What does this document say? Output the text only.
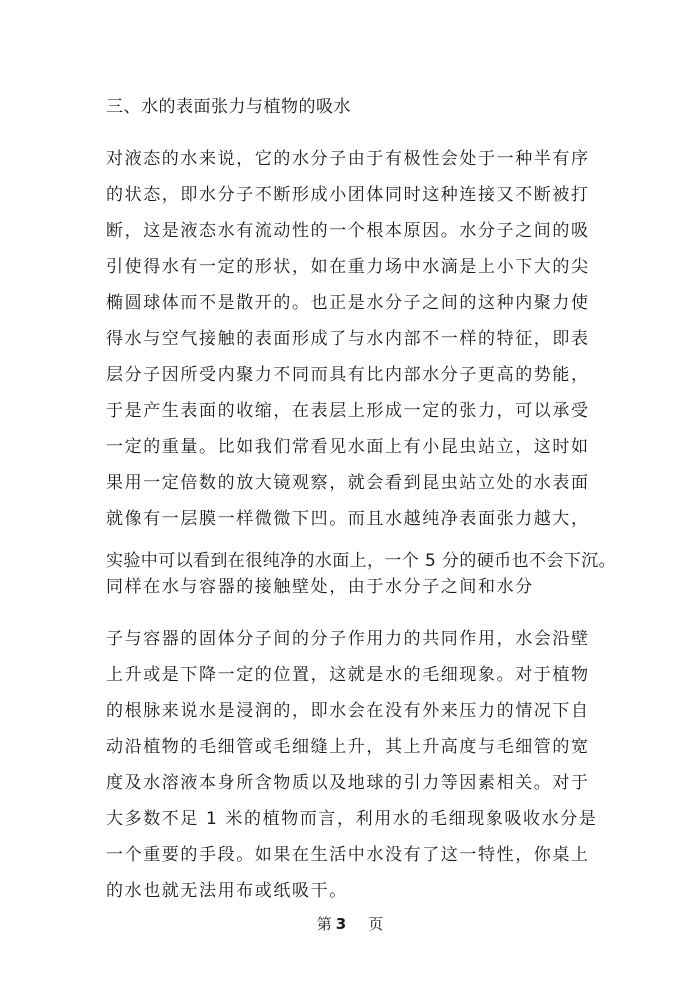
三、水的表面张力与植物的吸水
对液态的水来说，它的水分子由于有极性会处于一种半有序
的状态，即水分子不断形成小团体同时这种连接又不断被打
断，这是液态水有流动性的一个根本原因。水分子之间的吸
引使得水有一定的形状，如在重力场中水滴是上小下大的尖
椭圆球体而不是散开的。也正是水分子之间的这种内聚力使
得水与空气接触的表面形成了与水内部不一样的特征，即表
层分子因所受内聚力不同而具有比内部水分子更高的势能，
于是产生表面的收缩，在表层上形成一定的张力，可以承受
一定的重量。比如我们常看见水面上有小昆虫站立，这时如
果用一定倍数的放大镜观察，就会看到昆虫站立处的水表面
就像有一层膜一样微微下凹。而且水越纯净表面张力越大，
实验中可以看到在很纯净的水面上，一个 5 分的硬币也不会下沉。
同样在水与容器的接触壁处，由于水分子之间和水分
子与容器的固体分子间的分子作用力的共同作用，水会沿壁
上升或是下降一定的位置，这就是水的毛细现象。对于植物
的根脉来说水是浸润的，即水会在没有外来压力的情况下自
动沿植物的毛细管或毛细缝上升，其上升高度与毛细管的宽
度及水溶液本身所含物质以及地球的引力等因素相关。对于
大多数不足 1 米的植物而言，利用水的毛细现象吸收水分是
一个重要的手段。如果在生活中水没有了这一特性，你桌上
的水也就无法用布或纸吸干。
第 3 页
